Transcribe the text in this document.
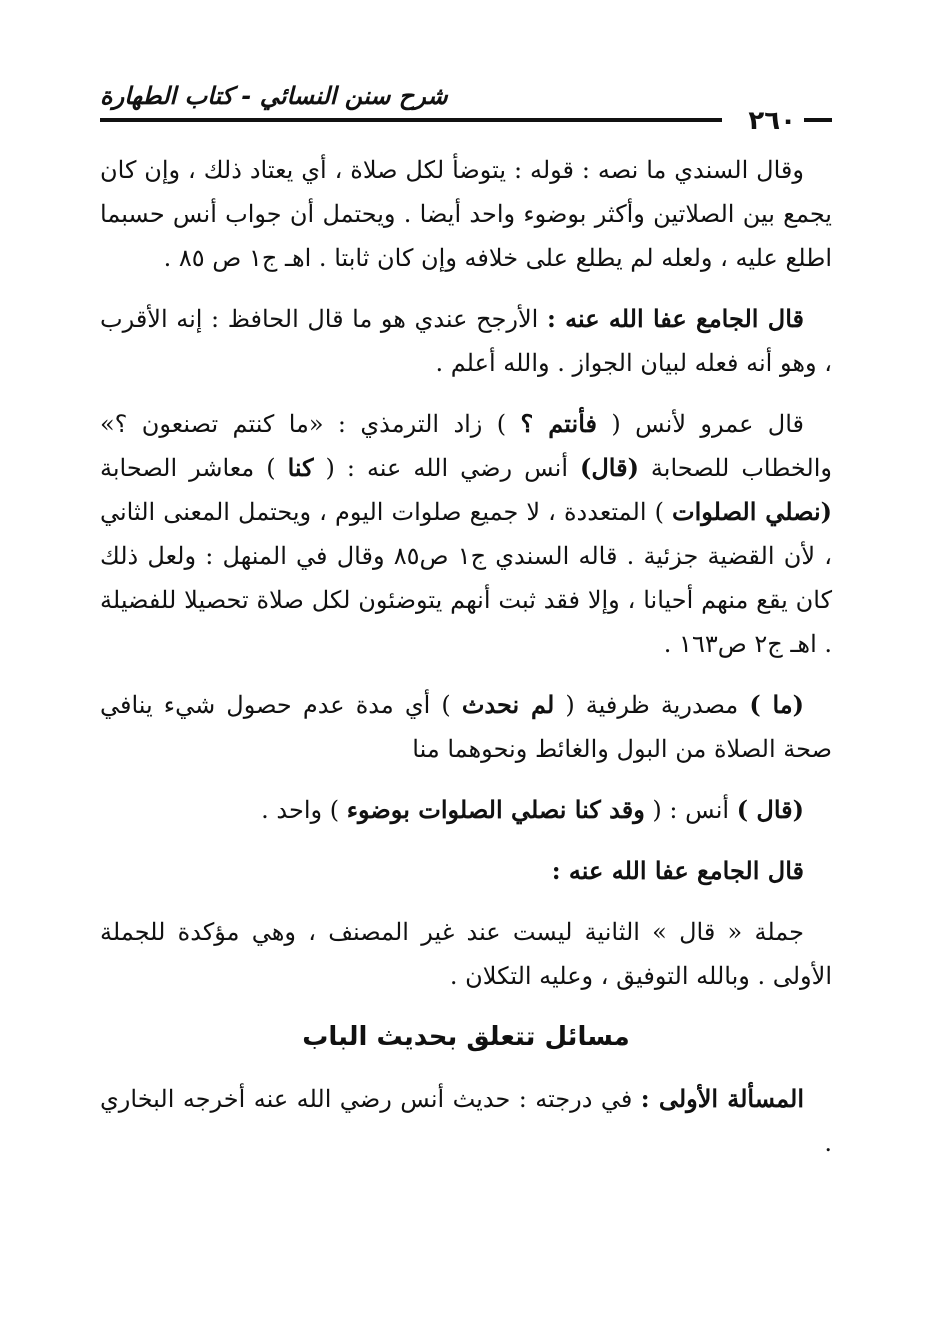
شرح سنن النسائي - كتاب الطهارة
٢٦٠

وقال السندي ما نصه : قوله : يتوضأ لكل صلاة ، أي يعتاد ذلك ، وإن كان يجمع بين الصلاتين وأكثر بوضوء واحد أيضا . ويحتمل أن جواب أنس حسبما اطلع عليه ، ولعله لم يطلع على خلافه وإن كان ثابتا . اهـ ج١ ص ٨٥ .

قال الجامع عفا الله عنه : الأرجح عندي هو ما قال الحافظ : إنه الأقرب ، وهو أنه فعله لبيان الجواز . والله أعلم .

قال عمرو لأنس ( فأنتم ؟ ) زاد الترمذي : «ما كنتم تصنعون ؟» والخطاب للصحابة (قال) أنس رضي الله عنه : ( كنا ) معاشر الصحابة (نصلي الصلوات ) المتعددة ، لا جميع صلوات اليوم ، ويحتمل المعنى الثاني ، لأن القضية جزئية . قاله السندي ج١ ص٨٥ وقال في المنهل : ولعل ذلك كان يقع منهم أحيانا ، وإلا فقد ثبت أنهم يتوضئون لكل صلاة تحصيلا للفضيلة . اهـ ج٢ ص١٦٣ .

(ما ) مصدرية ظرفية ( لم نحدث ) أي مدة عدم حصول شيء ينافي صحة الصلاة من البول والغائط ونحوهما منا

(قال ) أنس : ( وقد كنا نصلي الصلوات بوضوء ) واحد .

قال الجامع عفا الله عنه :

جملة « قال » الثانية ليست عند غير المصنف ، وهي مؤكدة للجملة الأولى . وبالله التوفيق ، وعليه التكلان .

مسائل تتعلق بحديث الباب

المسألة الأولى : في درجته : حديث أنس رضي الله عنه أخرجه البخاري .
